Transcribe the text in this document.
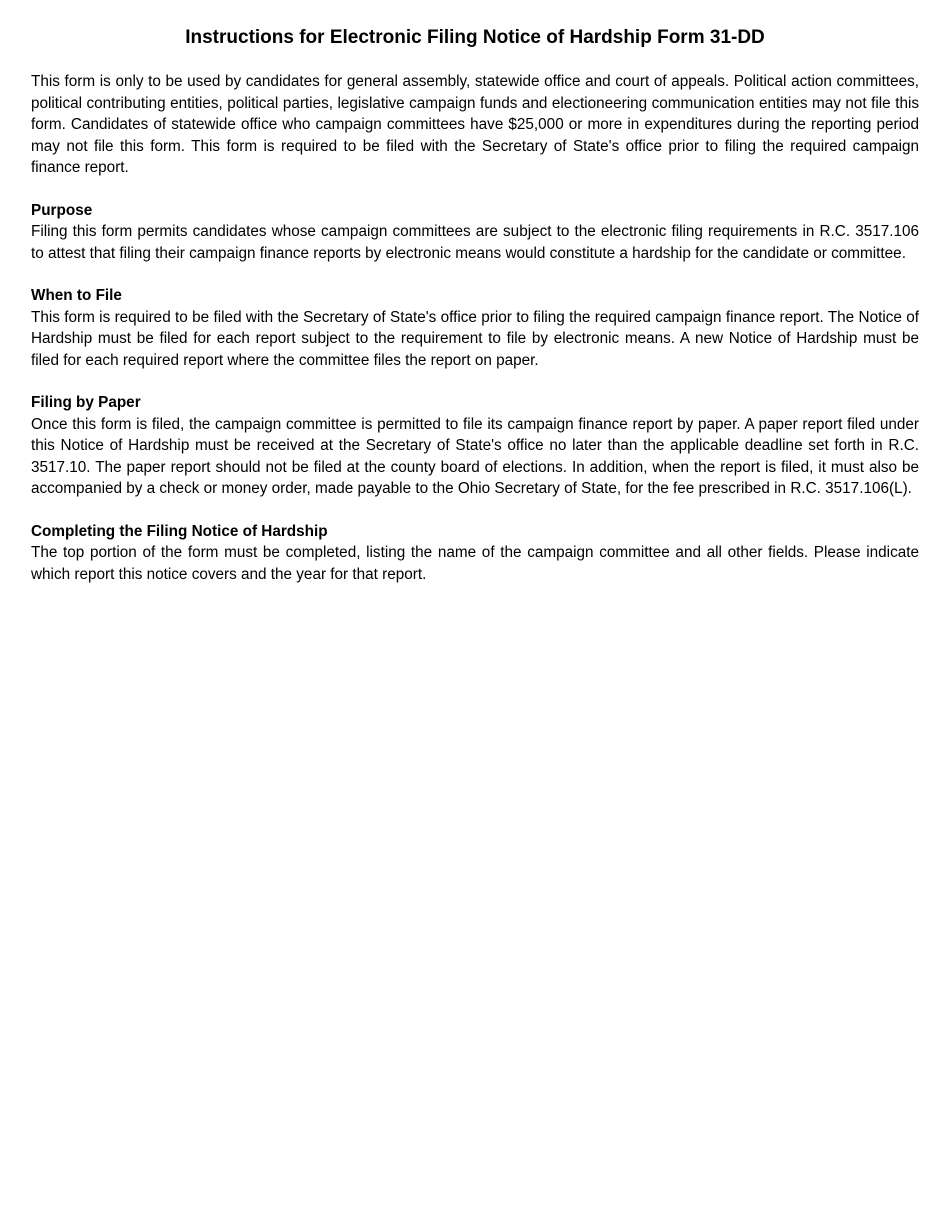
Instructions for Electronic Filing Notice of Hardship Form 31-DD

This form is only to be used by candidates for general assembly, statewide office and court of appeals. Political action committees, political contributing entities, political parties, legislative campaign funds and electioneering communication entities may not file this form. Candidates of statewide office who campaign committees have $25,000 or more in expenditures during the reporting period may not file this form. This form is required to be filed with the Secretary of State's office prior to filing the required campaign finance report.

Purpose

Filing this form permits candidates whose campaign committees are subject to the electronic filing requirements in R.C. 3517.106 to attest that filing their campaign finance reports by electronic means would constitute a hardship for the candidate or committee.

When to File

This form is required to be filed with the Secretary of State's office prior to filing the required campaign finance report. The Notice of Hardship must be filed for each report subject to the requirement to file by electronic means. A new Notice of Hardship must be filed for each required report where the committee files the report on paper.

Filing by Paper

Once this form is filed, the campaign committee is permitted to file its campaign finance report by paper. A paper report filed under this Notice of Hardship must be received at the Secretary of State's office no later than the applicable deadline set forth in R.C. 3517.10. The paper report should not be filed at the county board of elections. In addition, when the report is filed, it must also be accompanied by a check or money order, made payable to the Ohio Secretary of State, for the fee prescribed in R.C. 3517.106(L).

Completing the Filing Notice of Hardship

The top portion of the form must be completed, listing the name of the campaign committee and all other fields. Please indicate which report this notice covers and the year for that report.
